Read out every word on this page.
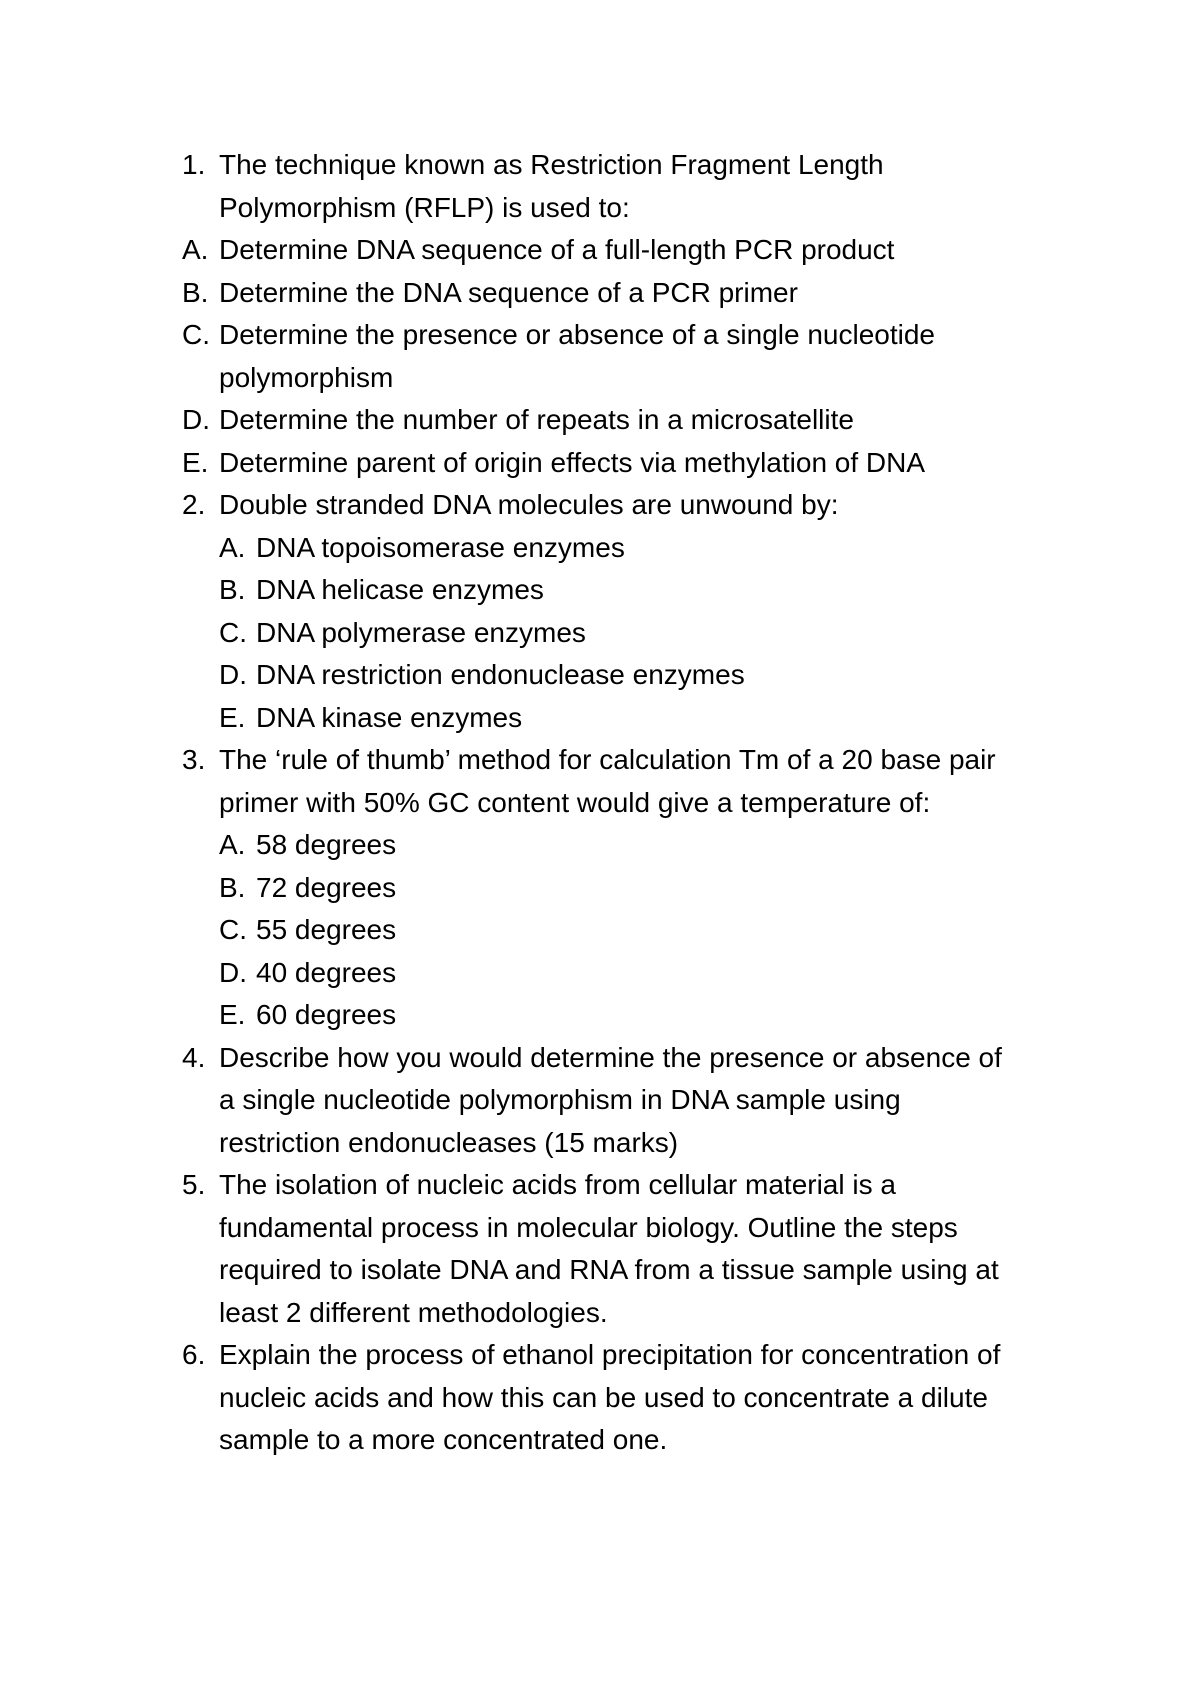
1. The technique known as Restriction Fragment Length
Polymorphism (RFLP) is used to:
A. Determine DNA sequence of a full-length PCR product
B. Determine the DNA sequence of a PCR primer
C. Determine the presence or absence of a single nucleotide
polymorphism
D. Determine the number of repeats in a microsatellite
E. Determine parent of origin effects via methylation of DNA
2. Double stranded DNA molecules are unwound by:
A. DNA topoisomerase enzymes
B. DNA helicase enzymes
C. DNA polymerase enzymes
D. DNA restriction endonuclease enzymes
E. DNA kinase enzymes
3. The ‘rule of thumb’ method for calculation Tm of a 20 base pair
primer with 50% GC content would give a temperature of:
A. 58 degrees
B. 72 degrees
C. 55 degrees
D. 40 degrees
E. 60 degrees
4. Describe how you would determine the presence or absence of
a single nucleotide polymorphism in DNA sample using
restriction endonucleases (15 marks)
5. The isolation of nucleic acids from cellular material is a
fundamental process in molecular biology. Outline the steps
required to isolate DNA and RNA from a tissue sample using at
least 2 different methodologies.
6. Explain the process of ethanol precipitation for concentration of
nucleic acids and how this can be used to concentrate a dilute
sample to a more concentrated one.
